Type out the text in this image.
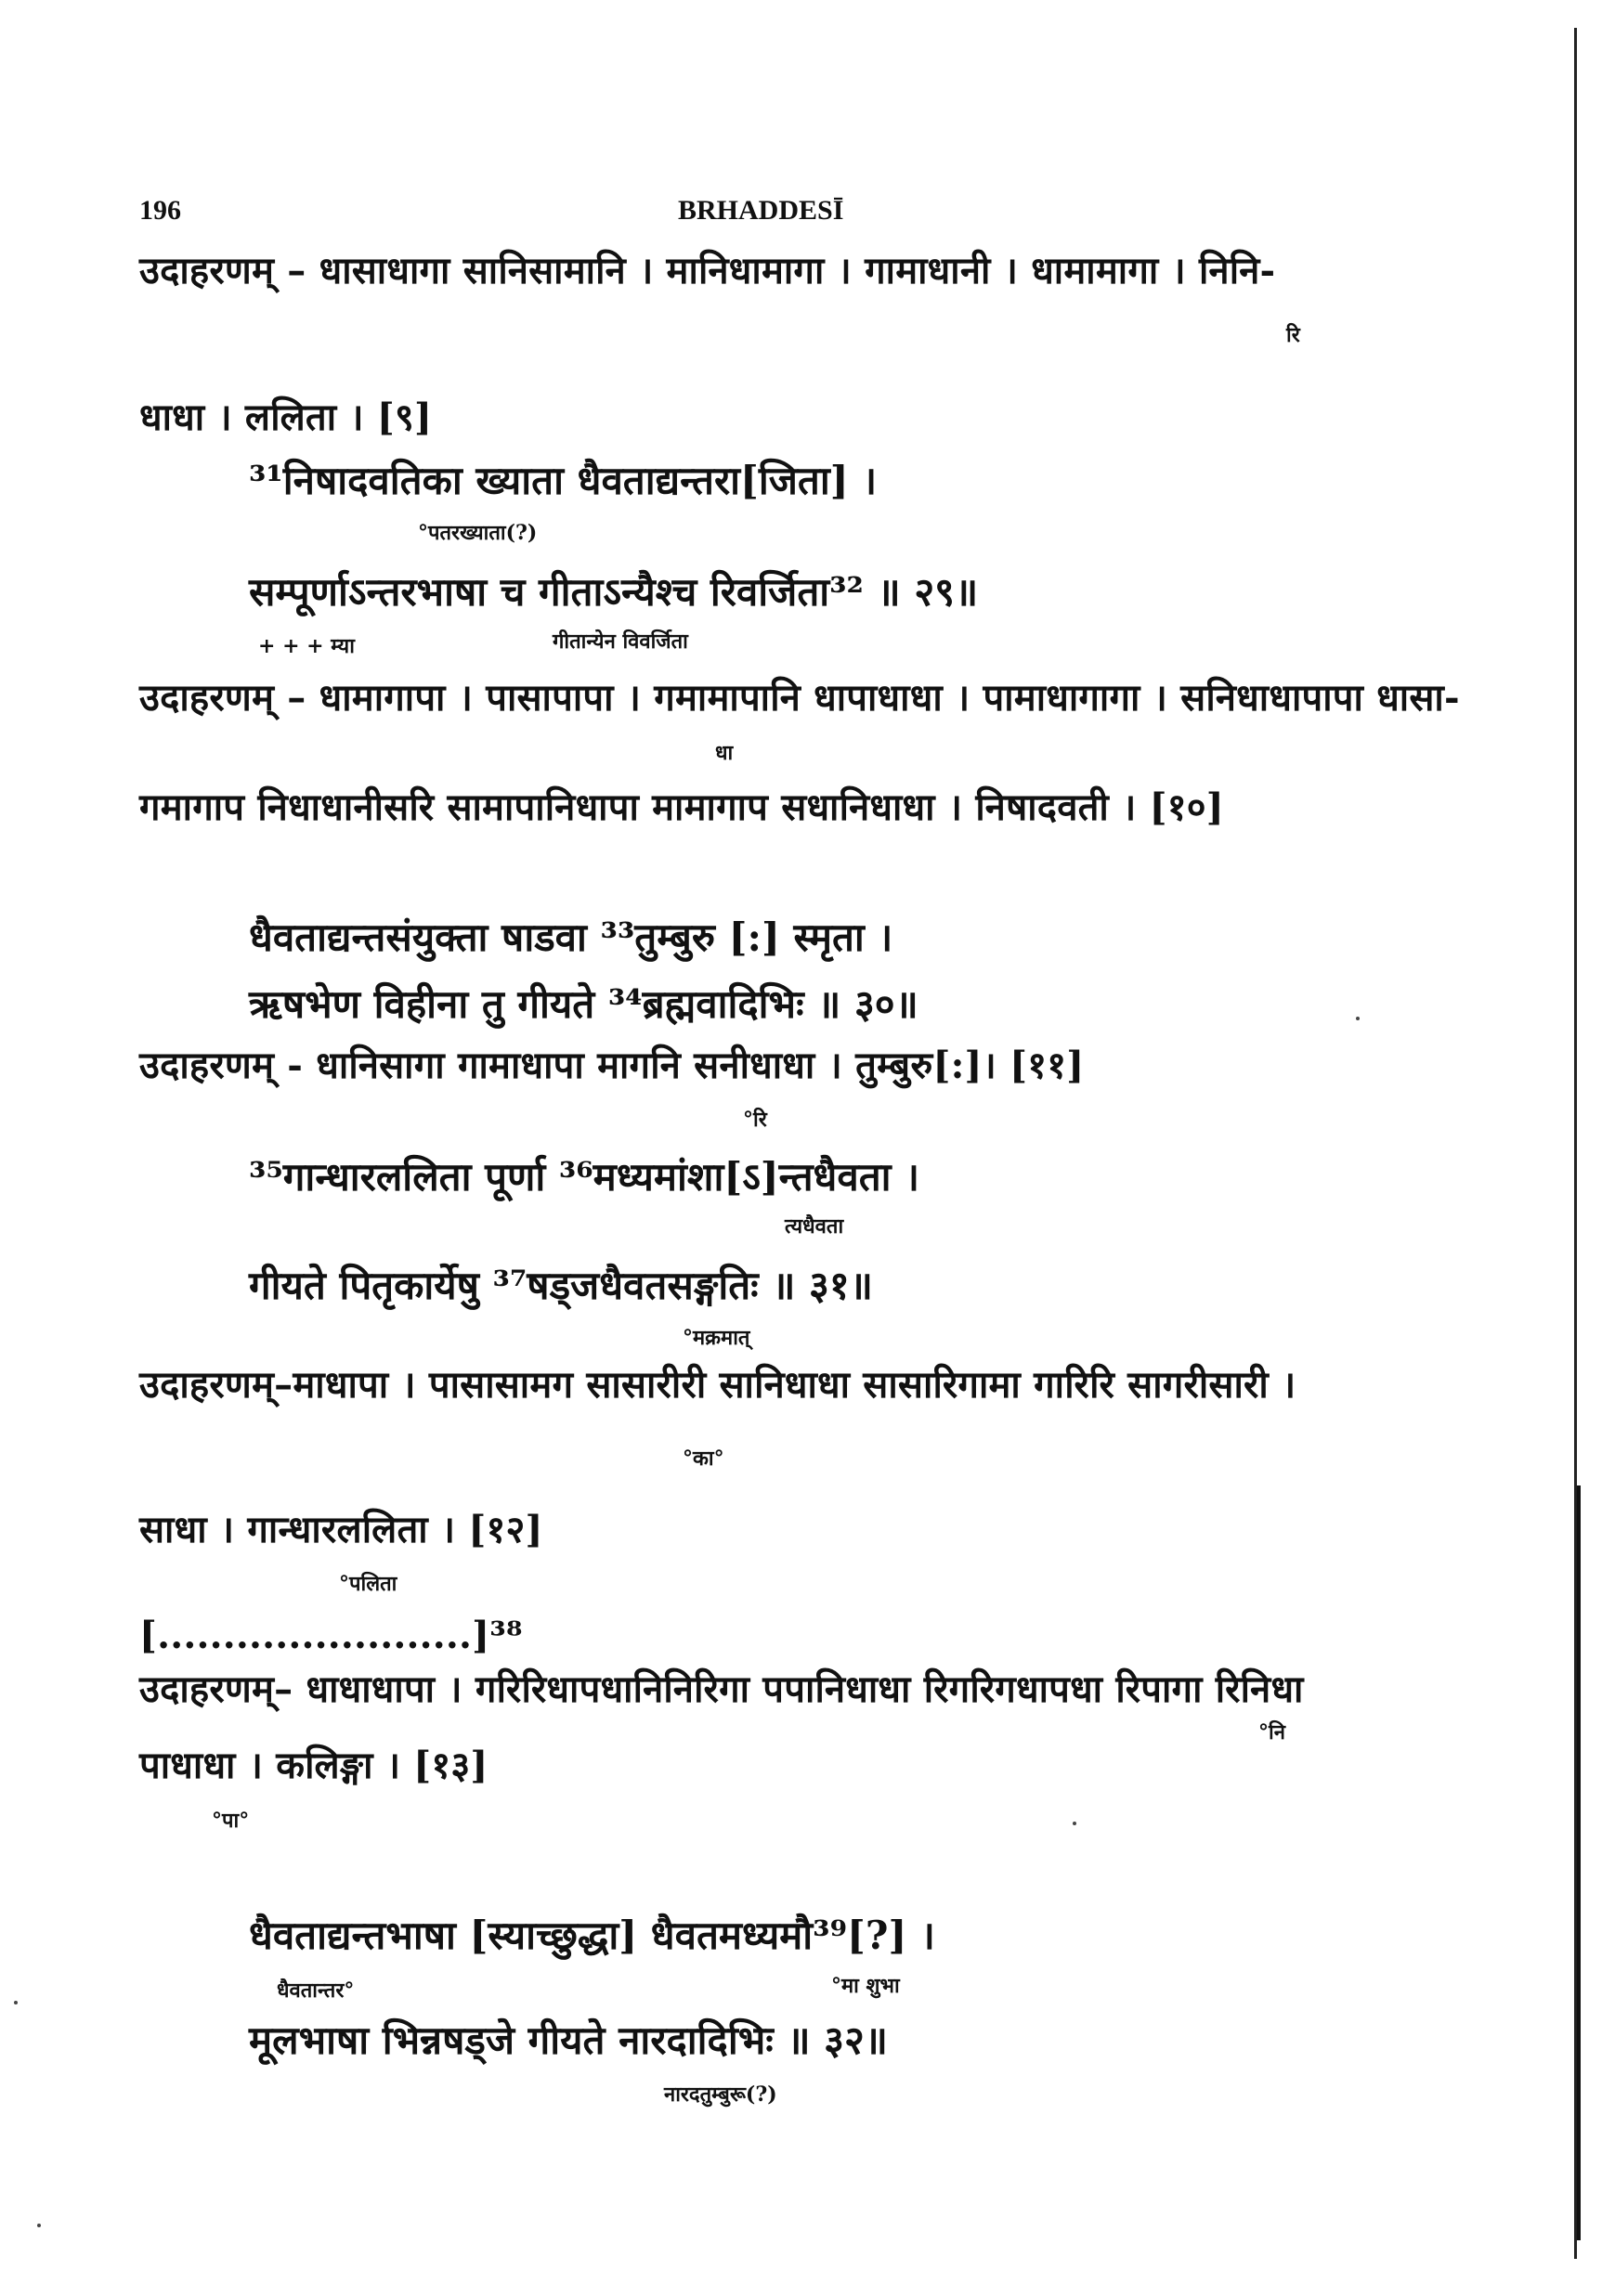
196	BRHADDESĪ
उदाहरणम् – धासाधागा सानिसामानि । मानिधामागा । गामाधानी । धामामागा । निनि-
रि
धाधा । ललिता । [९]
³¹निषादवतिका ख्याता धैवताद्यन्तरा[जिता] ।
°पतरख्याता(?)
सम्पूर्णाऽन्तरभाषा च गीताऽन्यैश्च रिवर्जिता³² ॥ २९॥
+ + + म्या	गीतान्येन विवर्जिता
उदाहरणम् – धामागापा । पासापापा । गमामापानि धापाधाधा । पामाधागागा । सनिधाधापापा धासा-
धा
गमागाप निधाधानीसरि सामापानिधापा मामागाप सधानिधाधा । निषादवती । [१०]
धैवताद्यन्तसंयुक्ता षाडवा ³³तुम्बुरु [:] स्मृता ।
ऋषभेण विहीना तु गीयते ³⁴ब्रह्मवादिभिः ॥ ३०॥
उदाहरणम् - धानिसागा गामाधापा मागनि सनीधाधा । तुम्बुरु[:]। [११]
°रि
³⁵गान्धारललिता पूर्णा ³⁶मध्यमांशा[ऽ]न्तधैवता ।
त्यधैवता
गीयते पितृकार्येषु ³⁷षड्जधैवतसङ्गतिः ॥ ३१॥
°मक्रमात्
उदाहरणम्–माधापा । पासासामग सासारीरी सानिधाधा सासारिगामा गारिरि सागरीसारी ।
°का°
साधा । गान्धारललिता । [१२]
°पलिता
[........................]³⁸
उदाहरणम्– धाधाधापा । गरिरिधापधानिनिरिगा पपानिधाधा रिगरिगधापधा रिपागा रिनिधा
°नि
पाधाधा । कलिङ्गा । [१३]
°पा°
धैवताद्यन्तभाषा [स्याच्छुद्धा] धैवतमध्यमौ³⁹[?] ।
धैवतान्तर°	°मा शुभा
मूलभाषा भिन्नषड्जे गीयते नारदादिभिः ॥ ३२॥
नारदतुम्बुरू(?)
